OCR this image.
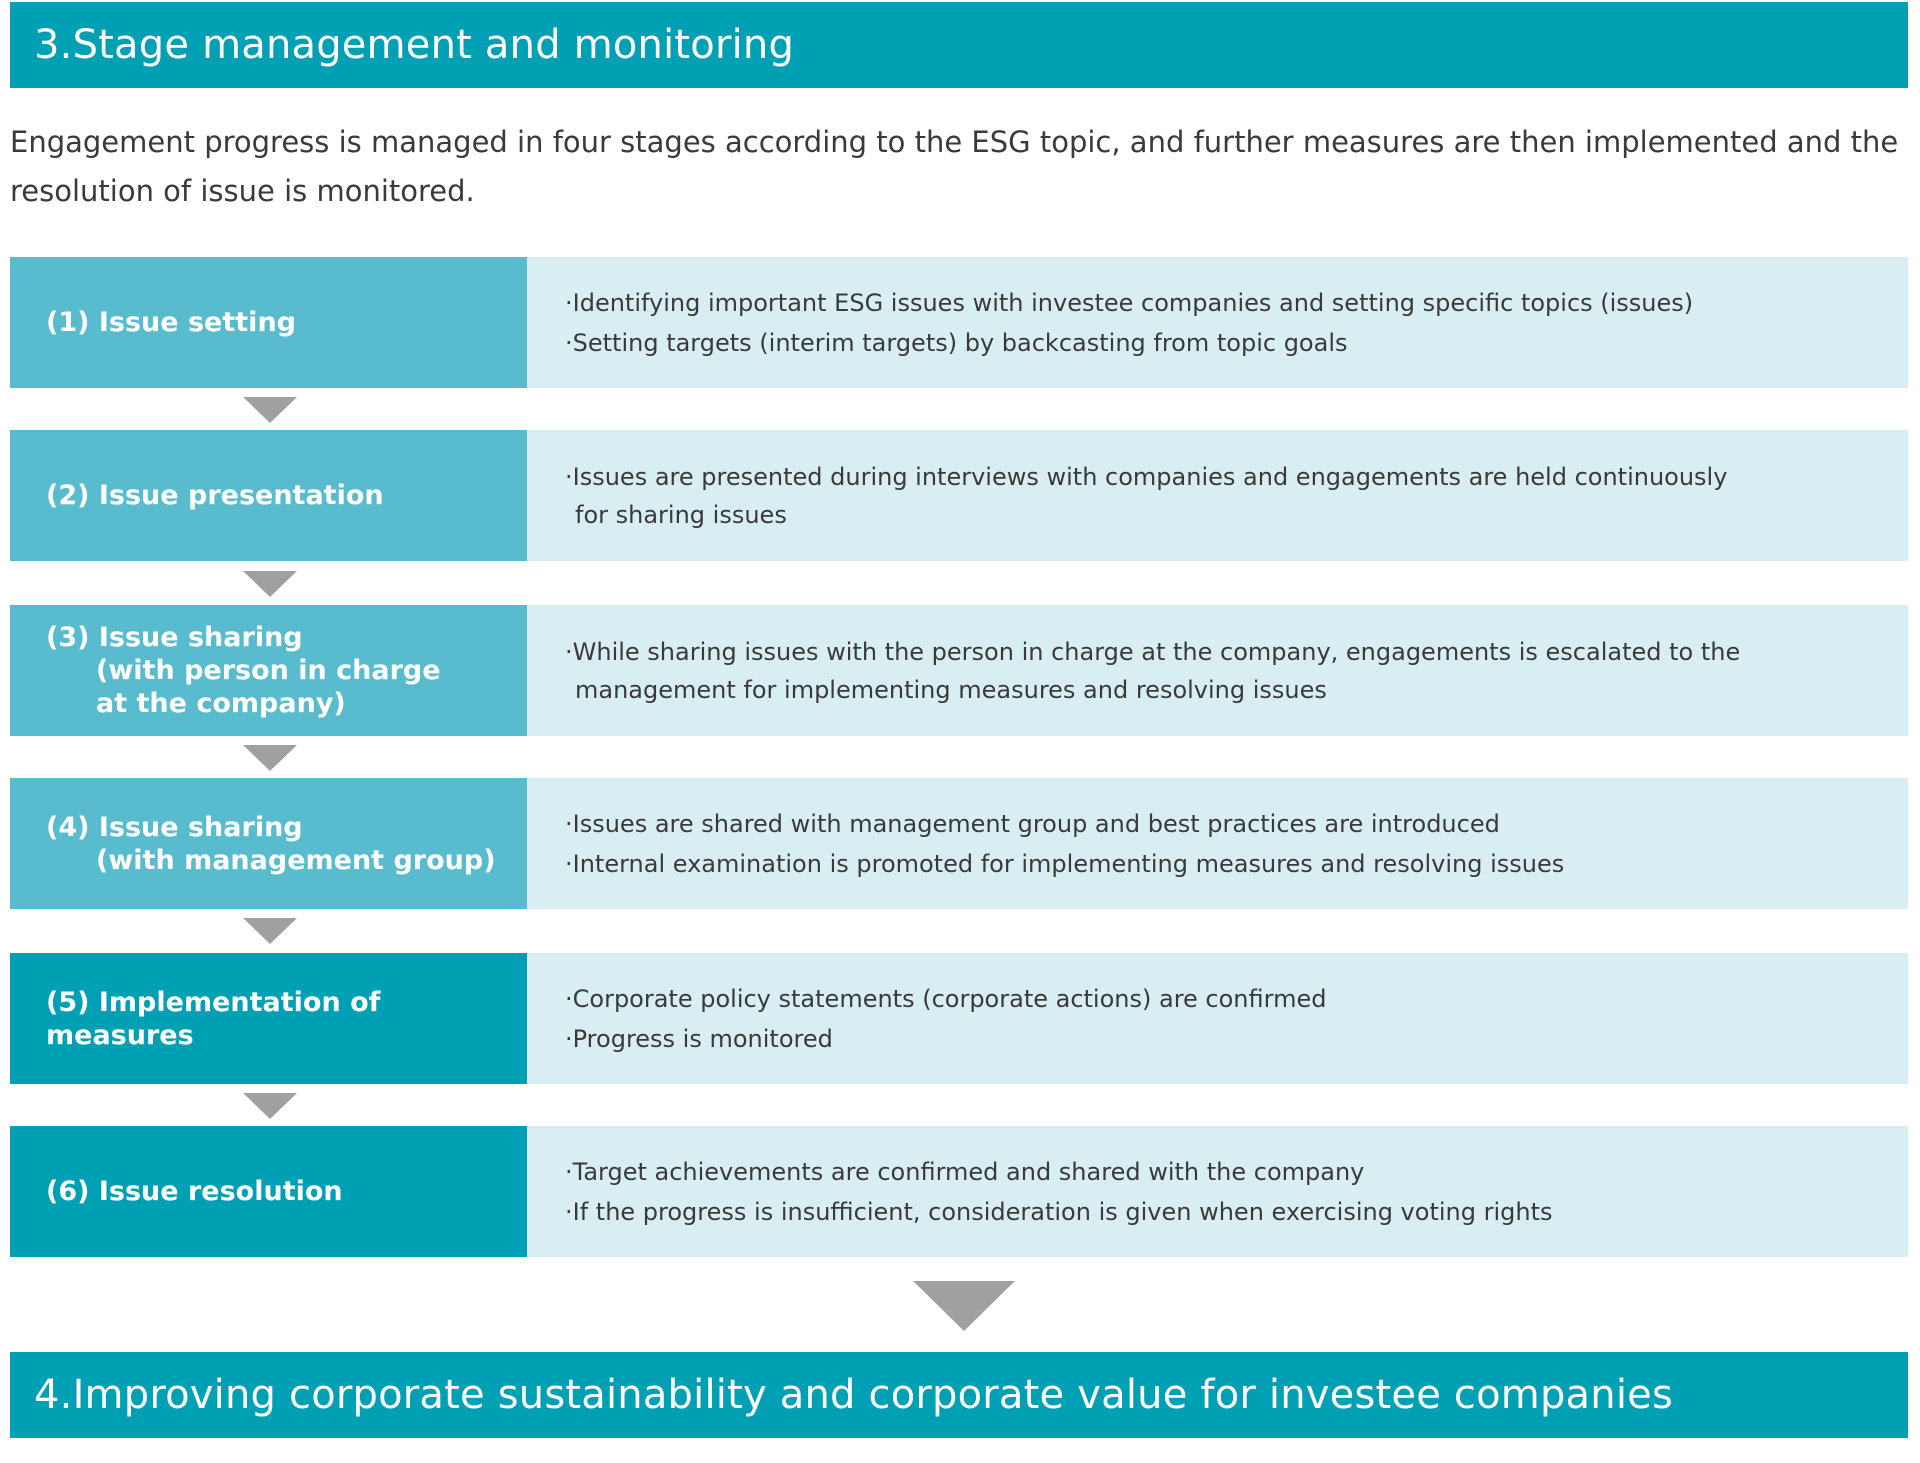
3.Stage management and monitoring
Engagement progress is managed in four stages according to the ESG topic, and further measures are then implemented and the resolution of issue is monitored.
(1) Issue setting
·Identifying important ESG issues with investee companies and setting specific topics (issues)
·Setting targets (interim targets) by backcasting from topic goals
(2) Issue presentation
·Issues are presented during interviews with companies and engagements are held continuously for sharing issues
(3) Issue sharing
(with person in charge
at the company)
·While sharing issues with the person in charge at the company, engagements is escalated to the management for implementing measures and resolving issues
(4) Issue sharing
(with management group)
·Issues are shared with management group and best practices are introduced
·Internal examination is promoted for implementing measures and resolving issues
(5) Implementation of measures
·Corporate policy statements (corporate actions) are confirmed
·Progress is monitored
(6) Issue resolution
·Target achievements are confirmed and shared with the company
·If the progress is insufficient, consideration is given when exercising voting rights
4.Improving corporate sustainability and corporate value for investee companies
